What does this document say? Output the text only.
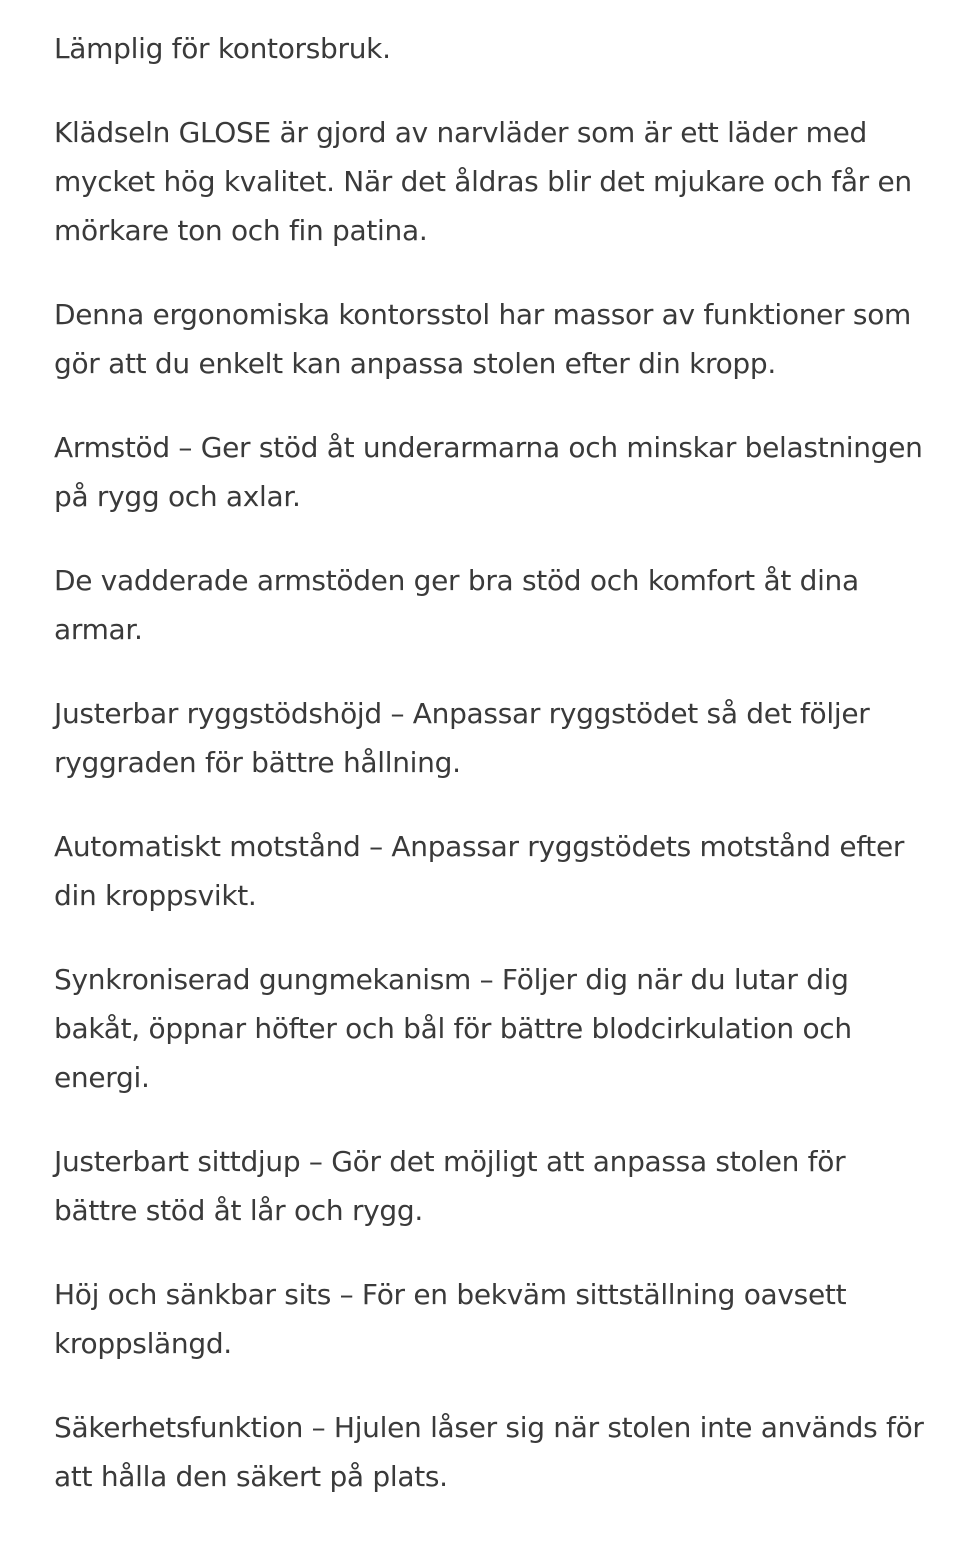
Lämplig för kontorsbruk.

Klädseln GLOSE är gjord av narvläder som är ett läder med mycket hög kvalitet. När det åldras blir det mjukare och får en mörkare ton och fin patina.

Denna ergonomiska kontorsstol har massor av funktioner som gör att du enkelt kan anpassa stolen efter din kropp.

Armstöd – Ger stöd åt underarmarna och minskar belastningen på rygg och axlar.

De vadderade armstöden ger bra stöd och komfort åt dina armar.

Justerbar ryggstödshöjd – Anpassar ryggstödet så det följer ryggraden för bättre hållning.

Automatiskt motstånd – Anpassar ryggstödets motstånd efter din kroppsvikt.

Synkroniserad gungmekanism – Följer dig när du lutar dig bakåt, öppnar höfter och bål för bättre blodcirkulation och energi.

Justerbart sittdjup – Gör det möjligt att anpassa stolen för bättre stöd åt lår och rygg.

Höj och sänkbar sits – För en bekväm sittställning oavsett kroppslängd.

Säkerhetsfunktion – Hjulen låser sig när stolen inte används för att hålla den säkert på plats.
